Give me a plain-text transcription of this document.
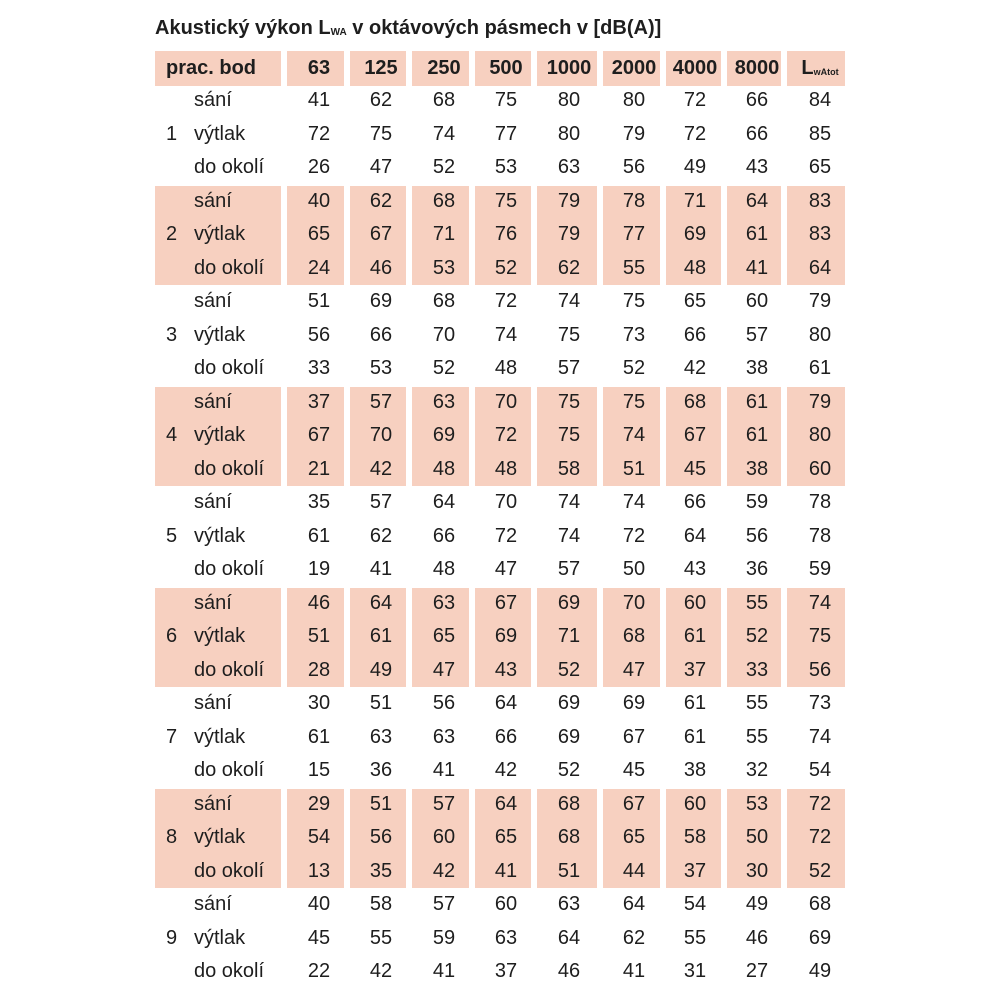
Akustický výkon $L_{WA}$ v oktávových pásmech v [dB(A)]
prac. bod	63	125	250	500	1000	2000 4000 8000	$L_{wAtot}$
1
sání	41	62	68	75	80	80	72	66	84
výtlak	72	75	74	77	80	79	72	66	85
do okolí	26	47	52	53	63	56	49	43	65
2
sání	40	62	68	75	79	78	71	64	83
výtlak	65	67	71	76	79	77	69	61	83
do okolí	24	46	53	52	62	55	48	41	64
3
sání	51	69	68	72	74	75	65	60	79
výtlak	56	66	70	74	75	73	66	57	80
do okolí	33	53	52	48	57	52	42	38	61
4
sání	37	57	63	70	75	75	68	61	79
výtlak	67	70	69	72	75	74	67	61	80
do okolí	21	42	48	48	58	51	45	38	60
5
sání	35	57	64	70	74	74	66	59	78
výtlak	61	62	66	72	74	72	64	56	78
do okolí	19	41	48	47	57	50	43	36	59
6
sání	46	64	63	67	69	70	60	55	74
výtlak	51	61	65	69	71	68	61	52	75
do okolí	28	49	47	43	52	47	37	33	56
7
sání	30	51	56	64	69	69	61	55	73
výtlak	61	63	63	66	69	67	61	55	74
do okolí	15	36	41	42	52	45	38	32	54
8
sání	29	51	57	64	68	67	60	53	72
výtlak	54	56	60	65	68	65	58	50	72
do okolí	13	35	42	41	51	44	37	30	52
9
sání	40	58	57	60	63	64	54	49	68
výtlak	45	55	59	63	64	62	55	46	69
do okolí	22	42	41	37	46	41	31	27	49
